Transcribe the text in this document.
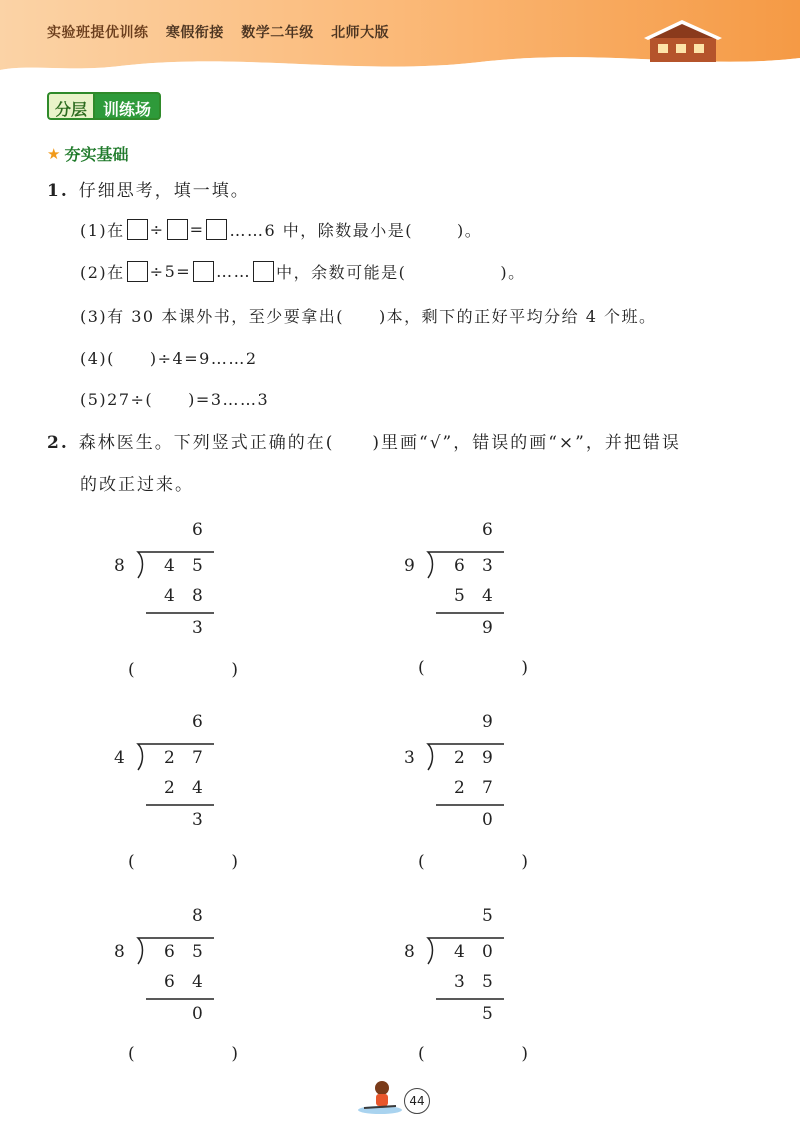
实验班提优训练 寒假衔接 数学二年级 北师大版
分层	训练场
★ 夯实基础
1. 仔细思考，填一填。
(1)在 ÷ = ……6 中，除数最小是(	)。
(2)在 ÷5= …… 中，余数可能是(	)。
(3)有 30 本课外书，至少要拿出(　　)本，剩下的正好平均分给 4 个班。
(4)(　　)÷4=9……2
(5)27÷(　　)=3……3
2. 森林医生。下列竖式正确的在(　　)里画“√”，错误的画“×”，并把错误
的改正过来。
6
8 4 5
4 8
3
(	)
6
9 6 3
5 4
9
(	)
6
4 2 7
2 4
3
(	)
9
3 2 9
2 7
0
(	)
8
8 6 5
6 4
0
(	)
5
8 4 0
3 5
5
(	)
44
